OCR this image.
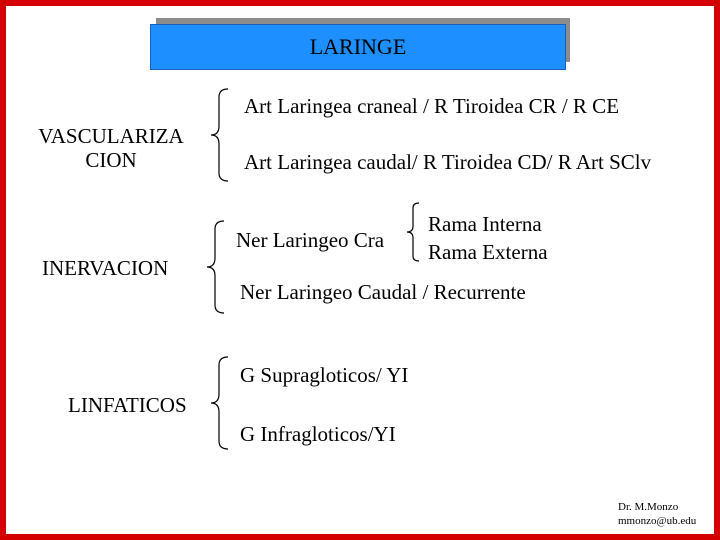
LARINGE
VASCULARIZA
CION
Art Laringea craneal / R Tiroidea CR / R CE
Art Laringea caudal/ R Tiroidea CD/ R Art SClv
INERVACION
Ner Laringeo Cra
Rama Interna
Rama Externa
Ner Laringeo Caudal / Recurrente
LINFATICOS
G Supragloticos/ YI
G Infragloticos/YI
Dr. M.Monzo
mmonzo@ub.edu
